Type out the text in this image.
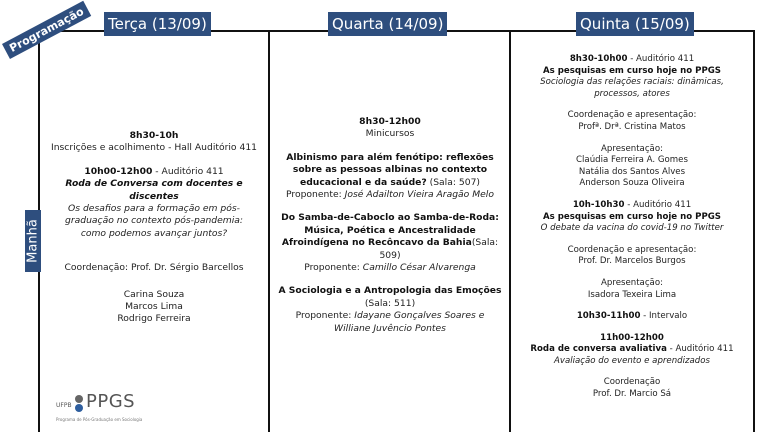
Programação
Manhã
Terça (13/09)	Quarta (14/09)	Quinta (15/09)

8h30-10h

Inscrições e acolhimento - Hall Auditório 411

10h00-12h00 - Auditório 411

Roda de Conversa com docentes e discentes

Os desafios para a formação em pós-graduação no contexto pós-pandemia: como podemos avançar juntos?

Coordenação: Prof. Dr. Sérgio Barcellos

Carina Souza

Marcos Lima

Rodrigo Ferreira

8h30-12h00

Minicursos

Albinismo para além fenótipo: reflexões sobre as pessoas albinas no contexto educacional e da saúde? (Sala: 507)

Proponente: José Adailton Vieira Aragão Melo

Do Samba-de-Caboclo ao Samba-de-Roda: Música, Poética e Ancestralidade Afroindígena no Recôncavo da Bahia(Sala: 509)

Proponente: Camillo César Alvarenga

A Sociologia e a Antropologia das Emoções (Sala: 511)

Proponente: Idayane Gonçalves Soares e Williane Juvêncio Pontes

8h30-10h00 - Auditório 411

As pesquisas em curso hoje no PPGS

Sociologia das relações raciais: dinâmicas, processos, atores

Coordenação e apresentação:

Profª. Drª. Cristina Matos

Apresentação:

Claúdia Ferreira A. Gomes

Natália dos Santos Alves

Anderson Souza Oliveira

10h-10h30 - Auditório 411

As pesquisas em curso hoje no PPGS

O debate da vacina do covid-19 no Twitter

Coordenação e apresentação:

Prof. Dr. Marcelos Burgos

Apresentação:

Isadora Texeira Lima

10h30-11h00 - Intervalo

11h00-12h00

Roda de conversa avaliativa - Auditório 411

Avaliação do evento e aprendizados

Coordenação

Prof. Dr. Marcio Sá

UFPB PPGS
Programa de Pós-Graduação em Sociologia
